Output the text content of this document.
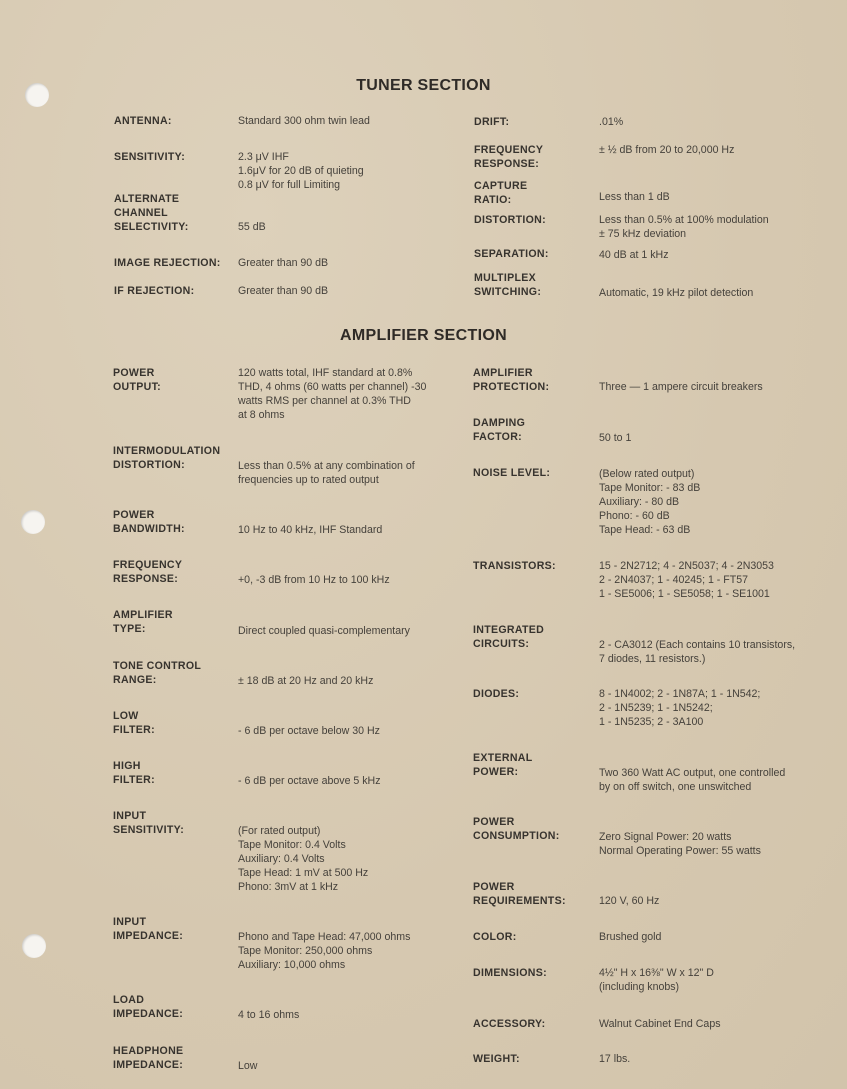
TUNER SECTION
AMPLIFIER SECTION
ANTENNA:	Standard 300 ohm twin lead
SENSITIVITY:	2.3 μV IHF
1.6μV for 20 dB of quieting
0.8 μV for full Limiting
ALTERNATE
CHANNEL
SELECTIVITY:	55 dB
IMAGE REJECTION: Greater than 90 dB
IF REJECTION:	Greater than 90 dB
DRIFT:	.01%
FREQUENCY
RESPONSE:
± ½ dB from 20 to 20,000 Hz
CAPTURE
RATIO:	Less than 1 dB
DISTORTION:	Less than 0.5% at 100% modulation
± 75 kHz deviation
SEPARATION:	40 dB at 1 kHz
MULTIPLEX
SWITCHING:	Automatic, 19 kHz pilot detection
POWER
OUTPUT:
120 watts total, IHF standard at 0.8%
THD, 4 ohms (60 watts per channel) -30
watts RMS per channel at 0.3% THD
at 8 ohms
INTERMODULATION
DISTORTION:	Less than 0.5% at any combination of
frequencies up to rated output
POWER
BANDWIDTH:	10 Hz to 40 kHz, IHF Standard
FREQUENCY
RESPONSE:	+0, -3 dB from 10 Hz to 100 kHz
AMPLIFIER
TYPE:	Direct coupled quasi-complementary
TONE CONTROL
RANGE:	± 18 dB at 20 Hz and 20 kHz
LOW
FILTER:	- 6 dB per octave below 30 Hz
HIGH
FILTER:	- 6 dB per octave above 5 kHz
INPUT
SENSITIVITY:	(For rated output)
Tape Monitor: 0.4 Volts
Auxiliary: 0.4 Volts
Tape Head: 1 mV at 500 Hz
Phono: 3mV at 1 kHz
INPUT
IMPEDANCE:	Phono and Tape Head: 47,000 ohms
Tape Monitor: 250,000 ohms
Auxiliary: 10,000 ohms
LOAD
IMPEDANCE:	4 to 16 ohms
HEADPHONE
IMPEDANCE:	Low
AMPLIFIER
PROTECTION:	Three — 1 ampere circuit breakers
DAMPING
FACTOR:	50 to 1
NOISE LEVEL:	(Below rated output)
Tape Monitor: - 83 dB
Auxiliary: - 80 dB
Phono: - 60 dB
Tape Head: - 63 dB
TRANSISTORS:	15 - 2N2712; 4 - 2N5037; 4 - 2N3053
2 - 2N4037; 1 - 40245; 1 - FT57
1 - SE5006; 1 - SE5058; 1 - SE1001
INTEGRATED
CIRCUITS:	2 - CA3012 (Each contains 10 transistors,
7 diodes, 11 resistors.)
DIODES:	8 - 1N4002; 2 - 1N87A; 1 - 1N542;
2 - 1N5239; 1 - 1N5242;
1 - 1N5235; 2 - 3A100
EXTERNAL
POWER:	Two 360 Watt AC output, one controlled
by on off switch, one unswitched
POWER
CONSUMPTION:	Zero Signal Power: 20 watts
Normal Operating Power: 55 watts
POWER
REQUIREMENTS:	120 V, 60 Hz
COLOR:	Brushed gold
DIMENSIONS:	4½" H x 16⅜" W x 12" D
(including knobs)
ACCESSORY:	Walnut Cabinet End Caps
WEIGHT:	17 lbs.
